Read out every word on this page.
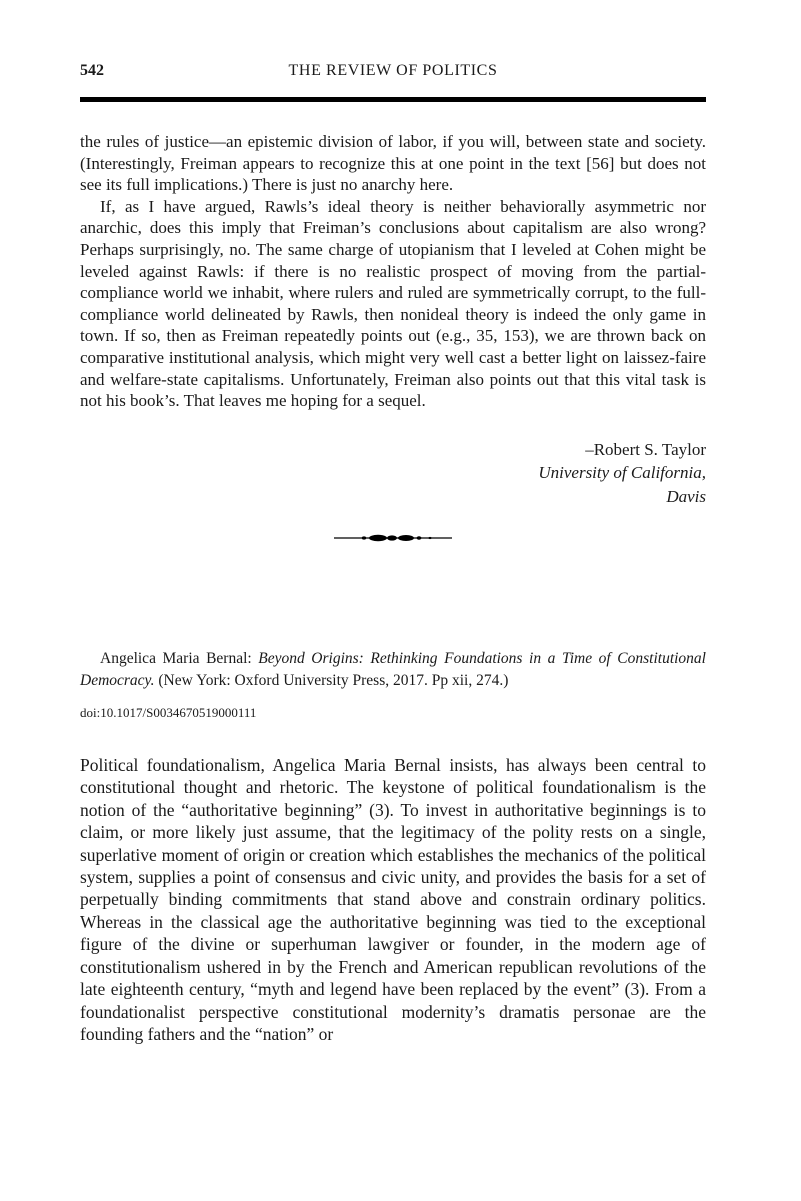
542	THE REVIEW OF POLITICS

the rules of justice—an epistemic division of labor, if you will, between state and society. (Interestingly, Freiman appears to recognize this at one point in the text [56] but does not see its full implications.) There is just no anarchy here.

If, as I have argued, Rawls’s ideal theory is neither behaviorally asymmetric nor anarchic, does this imply that Freiman’s conclusions about capitalism are also wrong? Perhaps surprisingly, no. The same charge of utopianism that I leveled at Cohen might be leveled against Rawls: if there is no realistic prospect of moving from the partial-compliance world we inhabit, where rulers and ruled are symmetrically corrupt, to the full-compliance world delineated by Rawls, then nonideal theory is indeed the only game in town. If so, then as Freiman repeatedly points out (e.g., 35, 153), we are thrown back on comparative institutional analysis, which might very well cast a better light on laissez-faire and welfare-state capitalisms. Unfortunately, Freiman also points out that this vital task is not his book’s. That leaves me hoping for a sequel.

–Robert S. Taylor
University of California,
Davis
Angelica Maria Bernal: Beyond Origins: Rethinking Foundations in a Time of Constitutional Democracy. (New York: Oxford University Press, 2017. Pp xii, 274.)
doi:10.1017/S0034670519000111

Political foundationalism, Angelica Maria Bernal insists, has always been central to constitutional thought and rhetoric. The keystone of political foundationalism is the notion of the “authoritative beginning” (3). To invest in authoritative beginnings is to claim, or more likely just assume, that the legitimacy of the polity rests on a single, superlative moment of origin or creation which establishes the mechanics of the political system, supplies a point of consensus and civic unity, and provides the basis for a set of perpetually binding commitments that stand above and constrain ordinary politics. Whereas in the classical age the authoritative beginning was tied to the exceptional figure of the divine or superhuman lawgiver or founder, in the modern age of constitutionalism ushered in by the French and American republican revolutions of the late eighteenth century, “myth and legend have been replaced by the event” (3). From a foundationalist perspective constitutional modernity’s dramatis personae are the founding fathers and the “nation” or
